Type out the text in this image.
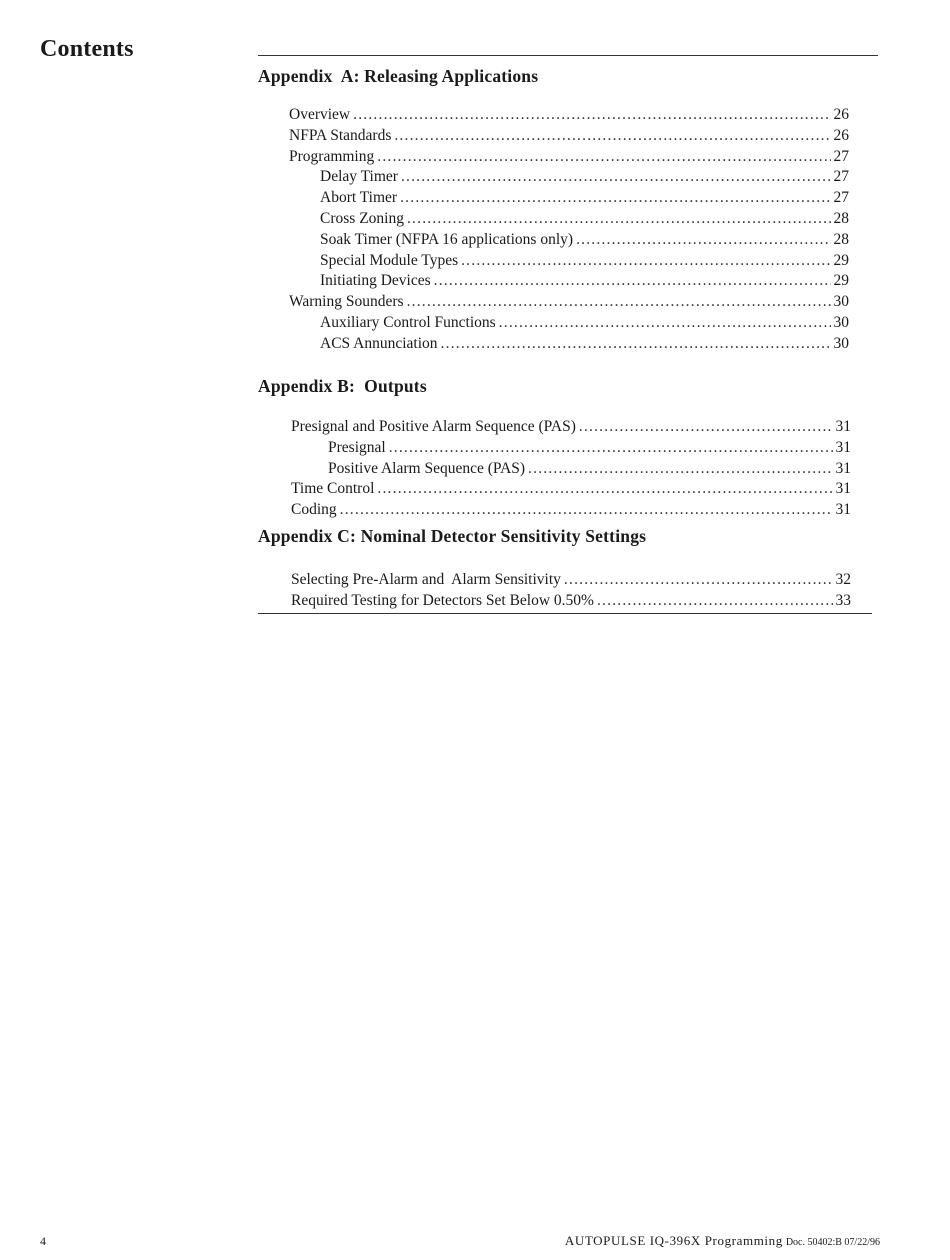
Contents
Appendix  A: Releasing Applications
Overview .....	26
NFPA Standards .....	26
Programming .....	27
Delay Timer .....	27
Abort Timer .....	27
Cross Zoning .....	28
Soak Timer (NFPA 16 applications only) .....	28
Special Module Types .....	29
Initiating Devices .....	29
Warning Sounders .....	30
Auxiliary Control Functions .....	30
ACS Annunciation .....	30
Appendix B:  Outputs
Presignal and Positive Alarm Sequence (PAS) .....	31
Presignal .....	31
Positive Alarm Sequence (PAS) .....	31
Time Control .....	31
Coding .....	31
Appendix C: Nominal Detector Sensitivity Settings
Selecting Pre-Alarm and  Alarm Sensitivity .....	32
Required Testing for Detectors Set Below 0.50% .....	33
4	AUTOPULSE IQ-396X Programming Doc. 50402:B 07/22/96
